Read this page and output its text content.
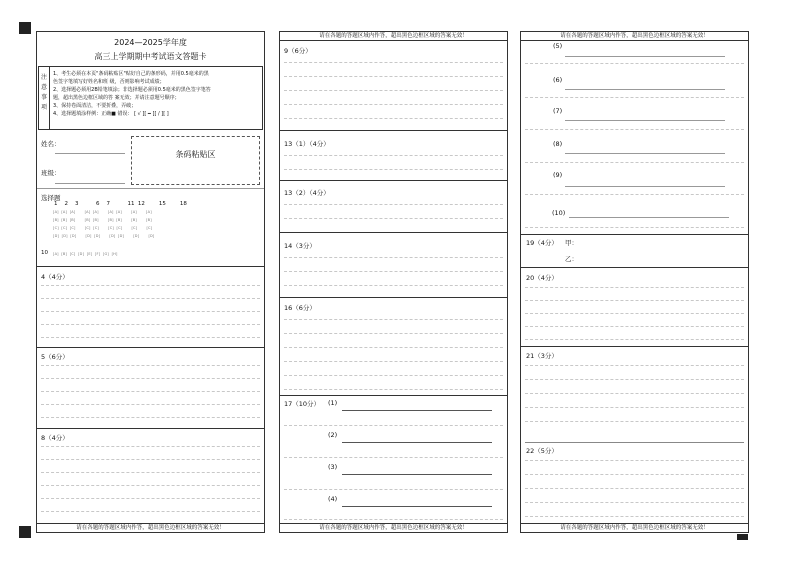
2024—2025学年度
高三上学期期中考试语文答题卡
注意事项
1、考生必须在本页"条码粘贴区"贴好自己的条形码，并用0.5毫米的黑
色签字笔填写好姓名和班 级，否则影响考试成绩；
2、选择题必须用2B铅笔填涂；非选择题必须用0.5毫米的黑色签字笔答
题，超出黑色边框区域的答 案无效；并请注意题号顺序；
3、保持卷面清洁，不要折叠，弄破；
4、选择题填涂样例：正确■ 错误： [ √ ][ ━ ][ / ][ ]
姓名：
班级：
条码粘贴区
选择题
1    2    3          6    7          11  12        15        18
[A]  [A]  [A]       [A]  [A]       [A]  [A]       [A]       [A]
[B]  [B]  [B]       [B]  [B]       [B]  [B]       [B]       [B]
[C]  [C]  [C]       [C]  [C]       [C]  [C]       [C]       [C]
[D]  [D]  [D]       [D]  [D]       [D]  [D]       [D]       [D]
10 [A]  [B]  [C]  [D]  [E]  [F]  [G]  [H]
4（4分）
5（6分）
8（4分）
请在各题的答题区域内作答，超出黑色边框区域的答案无效！
请在各题的答题区域内作答，超出黑色边框区域的答案无效！
9（6分）
13（1）（4分）
13（2）（4分）
14（3分）
16（6分）
17（10分） (1)
(2)
(3)
(4)
请在各题的答题区域内作答，超出黑色边框区域的答案无效！
请在各题的答题区域内作答，超出黑色边框区域的答案无效！
(5)
(6)
(7)
(8)
(9)
(10)
19（4分） 甲：
乙：
20（4分）
21（3分）
22（5分）
请在各题的答题区域内作答，超出黑色边框区域的答案无效！
